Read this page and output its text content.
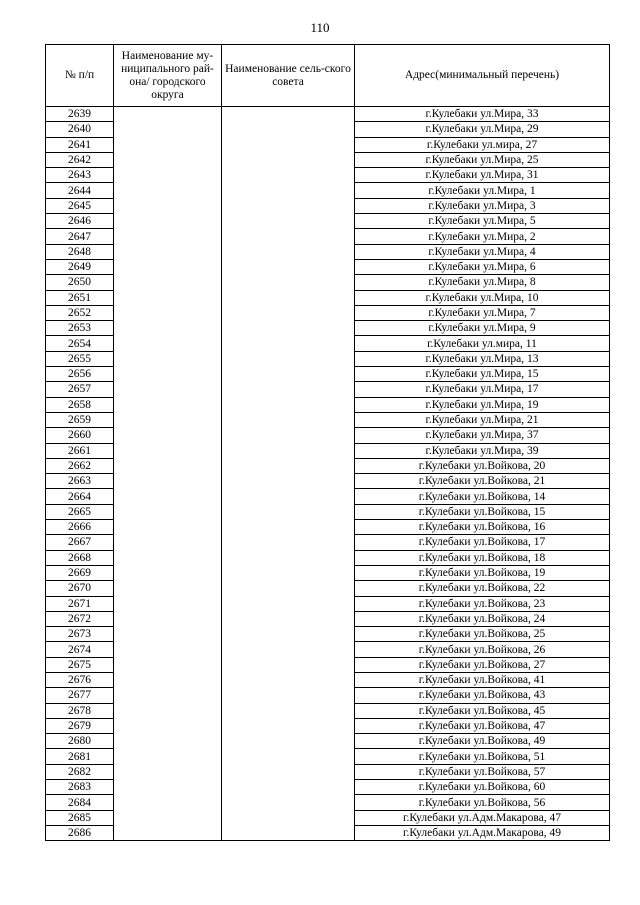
110
№ п/п	Наименование му-ниципального рай-она/ городского округа	Наименование сель-ского совета	Адрес(минимальный перечень)
2639			г.Кулебаки ул.Мира, 33
2640			г.Кулебаки ул.Мира, 29
2641			г.Кулебаки ул.мира, 27
2642			г.Кулебаки ул.Мира, 25
2643			г.Кулебаки ул.Мира, 31
2644			г.Кулебаки ул.Мира, 1
2645			г.Кулебаки ул.Мира, 3
2646			г.Кулебаки ул.Мира, 5
2647			г.Кулебаки ул.Мира, 2
2648			г.Кулебаки ул.Мира, 4
2649			г.Кулебаки ул.Мира, 6
2650			г.Кулебаки ул.Мира, 8
2651			г.Кулебаки ул.Мира, 10
2652			г.Кулебаки ул.Мира, 7
2653			г.Кулебаки ул.Мира, 9
2654			г.Кулебаки ул.мира, 11
2655			г.Кулебаки ул.Мира, 13
2656			г.Кулебаки ул.Мира, 15
2657			г.Кулебаки ул.Мира, 17
2658			г.Кулебаки ул.Мира, 19
2659			г.Кулебаки ул.Мира, 21
2660			г.Кулебаки ул.Мира, 37
2661			г.Кулебаки ул.Мира, 39
2662			г.Кулебаки ул.Войкова, 20
2663			г.Кулебаки ул.Войкова, 21
2664			г.Кулебаки ул.Войкова, 14
2665			г.Кулебаки ул.Войкова, 15
2666			г.Кулебаки ул.Войкова, 16
2667			г.Кулебаки ул.Войкова, 17
2668			г.Кулебаки ул.Войкова, 18
2669			г.Кулебаки ул.Войкова, 19
2670			г.Кулебаки ул.Войкова, 22
2671			г.Кулебаки ул.Войкова, 23
2672			г.Кулебаки ул.Войкова, 24
2673			г.Кулебаки ул.Войкова, 25
2674			г.Кулебаки ул.Войкова, 26
2675			г.Кулебаки ул.Войкова, 27
2676			г.Кулебаки ул.Войкова, 41
2677			г.Кулебаки ул.Войкова, 43
2678			г.Кулебаки ул.Войкова, 45
2679			г.Кулебаки ул.Войкова, 47
2680			г.Кулебаки ул.Войкова, 49
2681			г.Кулебаки ул.Войкова, 51
2682			г.Кулебаки ул.Войкова, 57
2683			г.Кулебаки ул.Войкова, 60
2684			г.Кулебаки ул.Войкова, 56
2685			г.Кулебаки ул.Адм.Макарова, 47
2686			г.Кулебаки ул.Адм.Макарова, 49
